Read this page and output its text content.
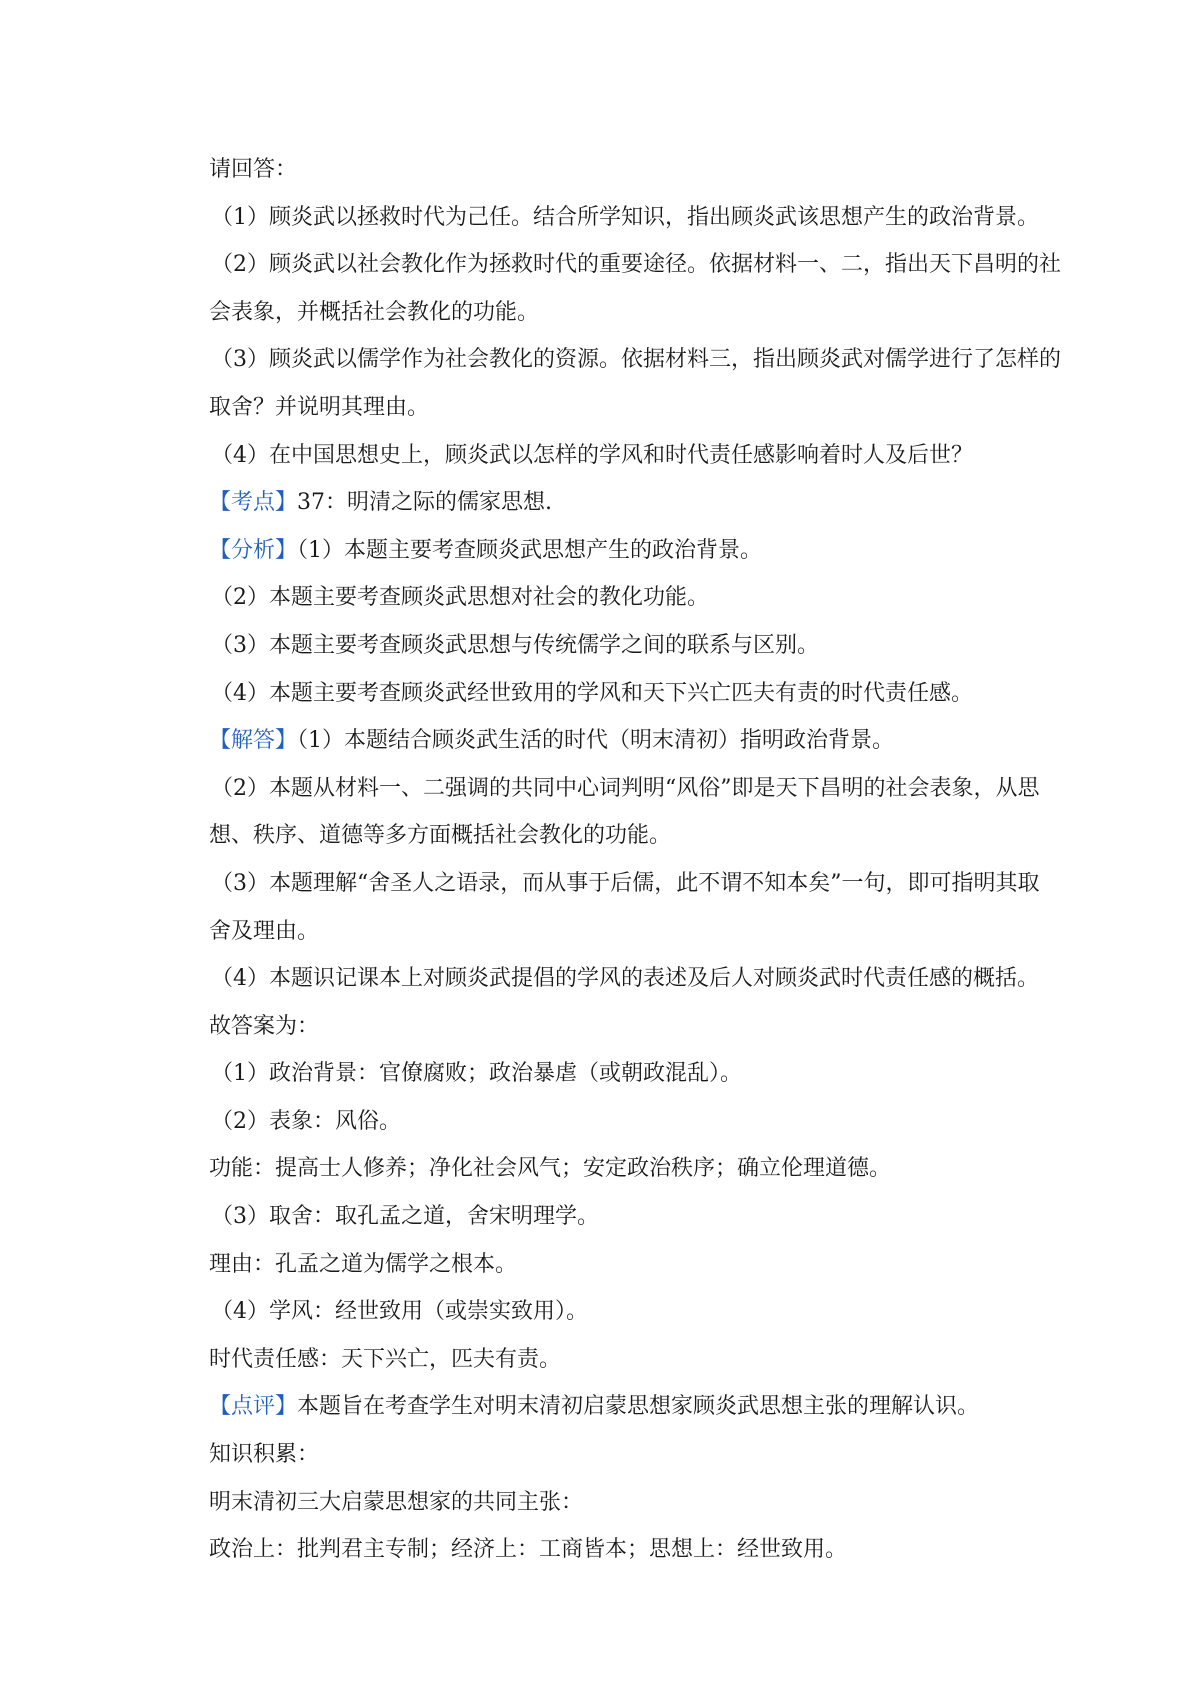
请回答：
（1）顾炎武以拯救时代为己任。结合所学知识，指出顾炎武该思想产生的政治背景。
（2）顾炎武以社会教化作为拯救时代的重要途径。依据材料一、二，指出天下昌明的社
会表象，并概括社会教化的功能。
（3）顾炎武以儒学作为社会教化的资源。依据材料三，指出顾炎武对儒学进行了怎样的
取舍？并说明其理由。
（4）在中国思想史上，顾炎武以怎样的学风和时代责任感影响着时人及后世？
【考点】37：明清之际的儒家思想.
【分析】（1）本题主要考查顾炎武思想产生的政治背景。
（2）本题主要考查顾炎武思想对社会的教化功能。
（3）本题主要考查顾炎武思想与传统儒学之间的联系与区别。
（4）本题主要考查顾炎武经世致用的学风和天下兴亡匹夫有责的时代责任感。
【解答】（1）本题结合顾炎武生活的时代（明末清初）指明政治背景。
（2）本题从材料一、二强调的共同中心词判明“风俗”即是天下昌明的社会表象，从思
想、秩序、道德等多方面概括社会教化的功能。
（3）本题理解“舍圣人之语录，而从事于后儒，此不谓不知本矣”一句，即可指明其取
舍及理由。
（4）本题识记课本上对顾炎武提倡的学风的表述及后人对顾炎武时代责任感的概括。
故答案为：
（1）政治背景：官僚腐败；政治暴虐（或朝政混乱）。
（2）表象：风俗。
功能：提高士人修养；净化社会风气；安定政治秩序；确立伦理道德。
（3）取舍：取孔孟之道，舍宋明理学。
理由：孔孟之道为儒学之根本。
（4）学风：经世致用（或崇实致用）。
时代责任感：天下兴亡，匹夫有责。
【点评】本题旨在考查学生对明末清初启蒙思想家顾炎武思想主张的理解认识。
知识积累：
明末清初三大启蒙思想家的共同主张：
政治上：批判君主专制；经济上：工商皆本；思想上：经世致用。
